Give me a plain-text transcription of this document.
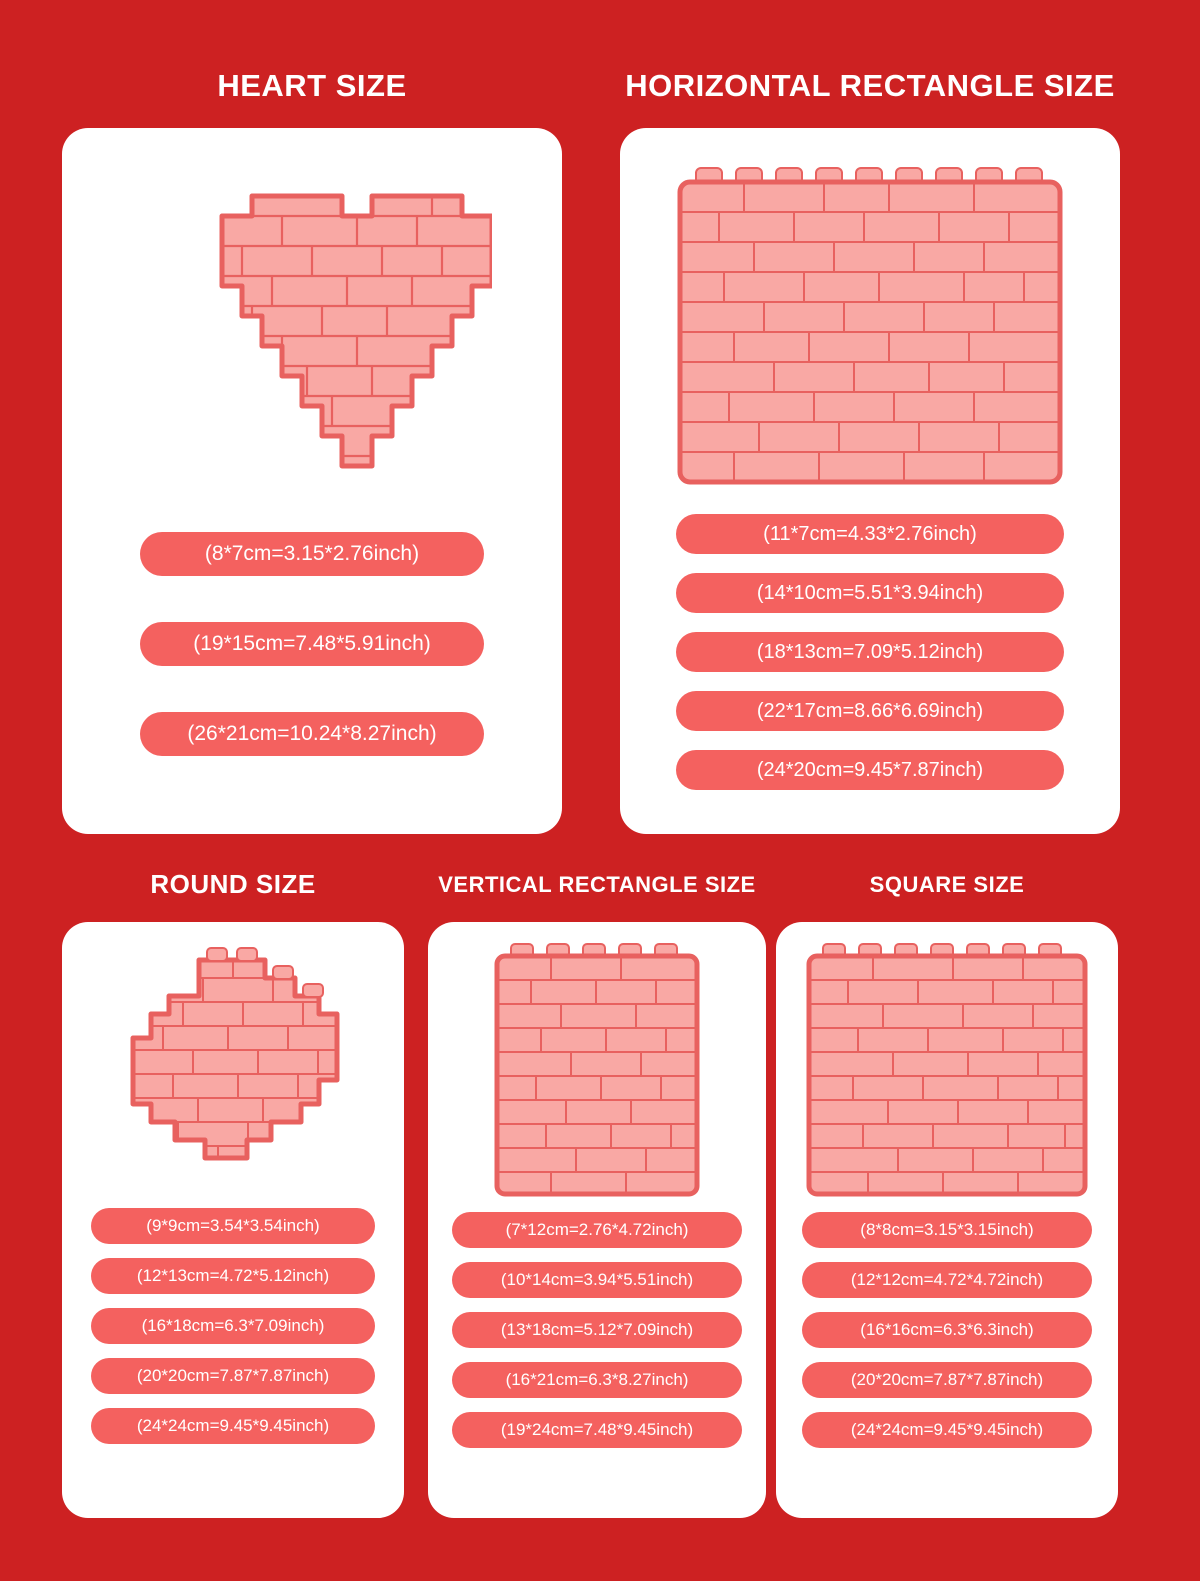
HEART SIZE
(8*7cm=3.15*2.76inch)
(19*15cm=7.48*5.91inch)
(26*21cm=10.24*8.27inch)
HORIZONTAL RECTANGLE SIZE
(11*7cm=4.33*2.76inch)
(14*10cm=5.51*3.94inch)
(18*13cm=7.09*5.12inch)
(22*17cm=8.66*6.69inch)
(24*20cm=9.45*7.87inch)
ROUND SIZE
(9*9cm=3.54*3.54inch)
(12*13cm=4.72*5.12inch)
(16*18cm=6.3*7.09inch)
(20*20cm=7.87*7.87inch)
(24*24cm=9.45*9.45inch)
VERTICAL RECTANGLE SIZE
(7*12cm=2.76*4.72inch)
(10*14cm=3.94*5.51inch)
(13*18cm=5.12*7.09inch)
(16*21cm=6.3*8.27inch)
(19*24cm=7.48*9.45inch)
SQUARE SIZE
(8*8cm=3.15*3.15inch)
(12*12cm=4.72*4.72inch)
(16*16cm=6.3*6.3inch)
(20*20cm=7.87*7.87inch)
(24*24cm=9.45*9.45inch)
